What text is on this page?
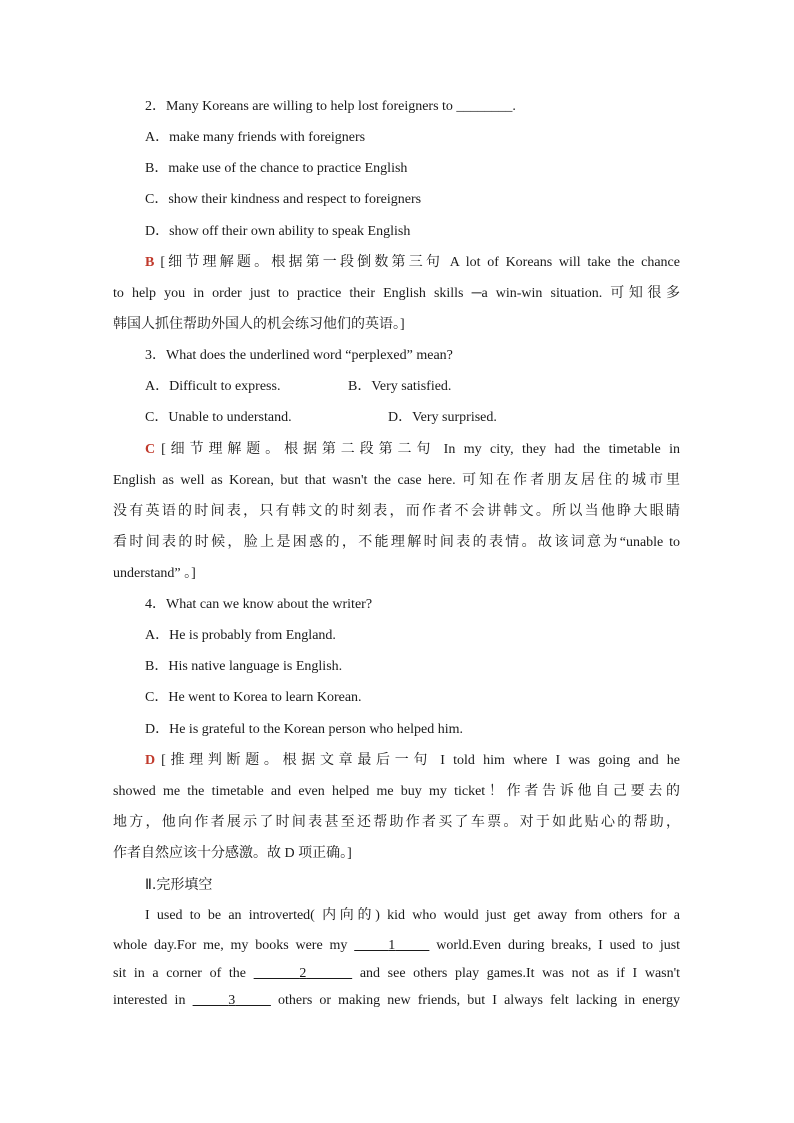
2．Many Koreans are willing to help lost foreigners to ________.
A．make many friends with foreigners
B．make use of the chance to practice English
C．show their kindness and respect to foreigners
D．show off their own ability to speak English
B [细节理解题。根据第一段倒数第三句 A lot of Koreans will take the chance
to help you in order just to practice their English skills ─a win-win situation. 可知很多
韩国人抓住帮助外国人的机会练习他们的英语。]
3．What does the underlined word “perplexed” mean?
A．Difficult to express.	B．Very satisfied.
C．Unable to understand.	D．Very surprised.
C [细节理解题。根据第二段第二句 In my city, they had the timetable in
English as well as Korean, but that wasn't the case here. 可知在作者朋友居住的城市里
没有英语的时间表，只有韩文的时刻表，而作者不会讲韩文。所以当他睁大眼睛
看时间表的时候，脸上是困惑的，不能理解时间表的表情。故该词意为“unable to
understand” 。]
4．What can we know about the writer?
A．He is probably from England.
B．His native language is English.
C．He went to Korea to learn Korean.
D．He is grateful to the Korean person who helped him.
D [推理判断题。根据文章最后一句 I told him where I was going and he
showed me the timetable and even helped me buy my ticket！作者告诉他自己要去的
地方，他向作者展示了时间表甚至还帮助作者买了车票。对于如此贴心的帮助，
作者自然应该十分感激。故 D 项正确。]
Ⅱ.完形填空
I used to be an introverted( 内向的) kid who would just get away from others for a
whole day.For me, my books were my	1	world.Even during breaks, I used to just
sit in a corner of the	2	and see others play games.It was not as if I wasn't
interested in	3	others or making new friends, but I always felt lacking in energy
